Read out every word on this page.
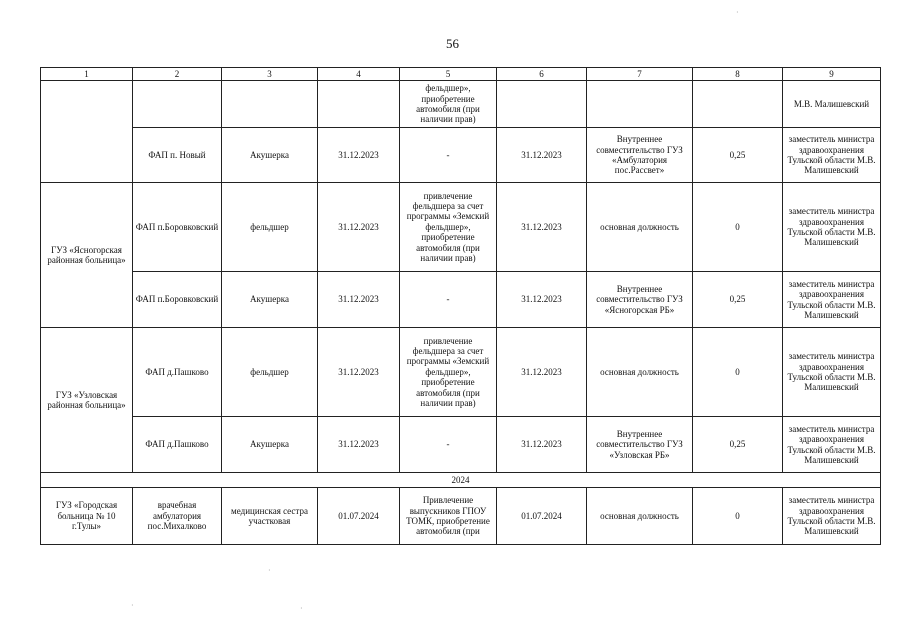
56
1	2	3	4	5	6	7	8	9
				фельдшер», приобретение автомобиля (при наличии прав)				М.В. Малишевский
	ФАП п. Новый	Акушерка	31.12.2023	-	31.12.2023	Внутреннее совместительство ГУЗ «Амбулатория пос.Рассвет»	0,25	заместитель министра здравоохранения Тульской области М.В. Малишевский
ГУЗ «Ясногорская районная больница»	ФАП п.Боровковский	фельдшер	31.12.2023	привлечение фельдшера за счет программы «Земский фельдшер», приобретение автомобиля (при наличии прав)	31.12.2023	основная должность	0	заместитель министра здравоохранения Тульской области М.В. Малишевский
	ФАП п.Боровковский	Акушерка	31.12.2023	-	31.12.2023	Внутреннее совместительство ГУЗ «Ясногорская РБ»	0,25	заместитель министра здравоохранения Тульской области М.В. Малишевский
ГУЗ «Узловская районная больница»	ФАП д.Пашково	фельдшер	31.12.2023	привлечение фельдшера за счет программы «Земский фельдшер», приобретение автомобиля (при наличии прав)	31.12.2023	основная должность	0	заместитель министра здравоохранения Тульской области М.В. Малишевский
	ФАП д.Пашково	Акушерка	31.12.2023	-	31.12.2023	Внутреннее совместительство ГУЗ «Узловская РБ»	0,25	заместитель министра здравоохранения Тульской области М.В. Малишевский
2024								
ГУЗ «Городская больница № 10 г.Тулы»	врачебная амбулатория пос.Михалково	медицинская сестра участковая	01.07.2024	Привлечение выпускников ГПОУ ТОМК, приобретение автомобиля (при	01.07.2024	основная должность	0	заместитель министра здравоохранения Тульской области М.В. Малишевский
·
·
·	·
